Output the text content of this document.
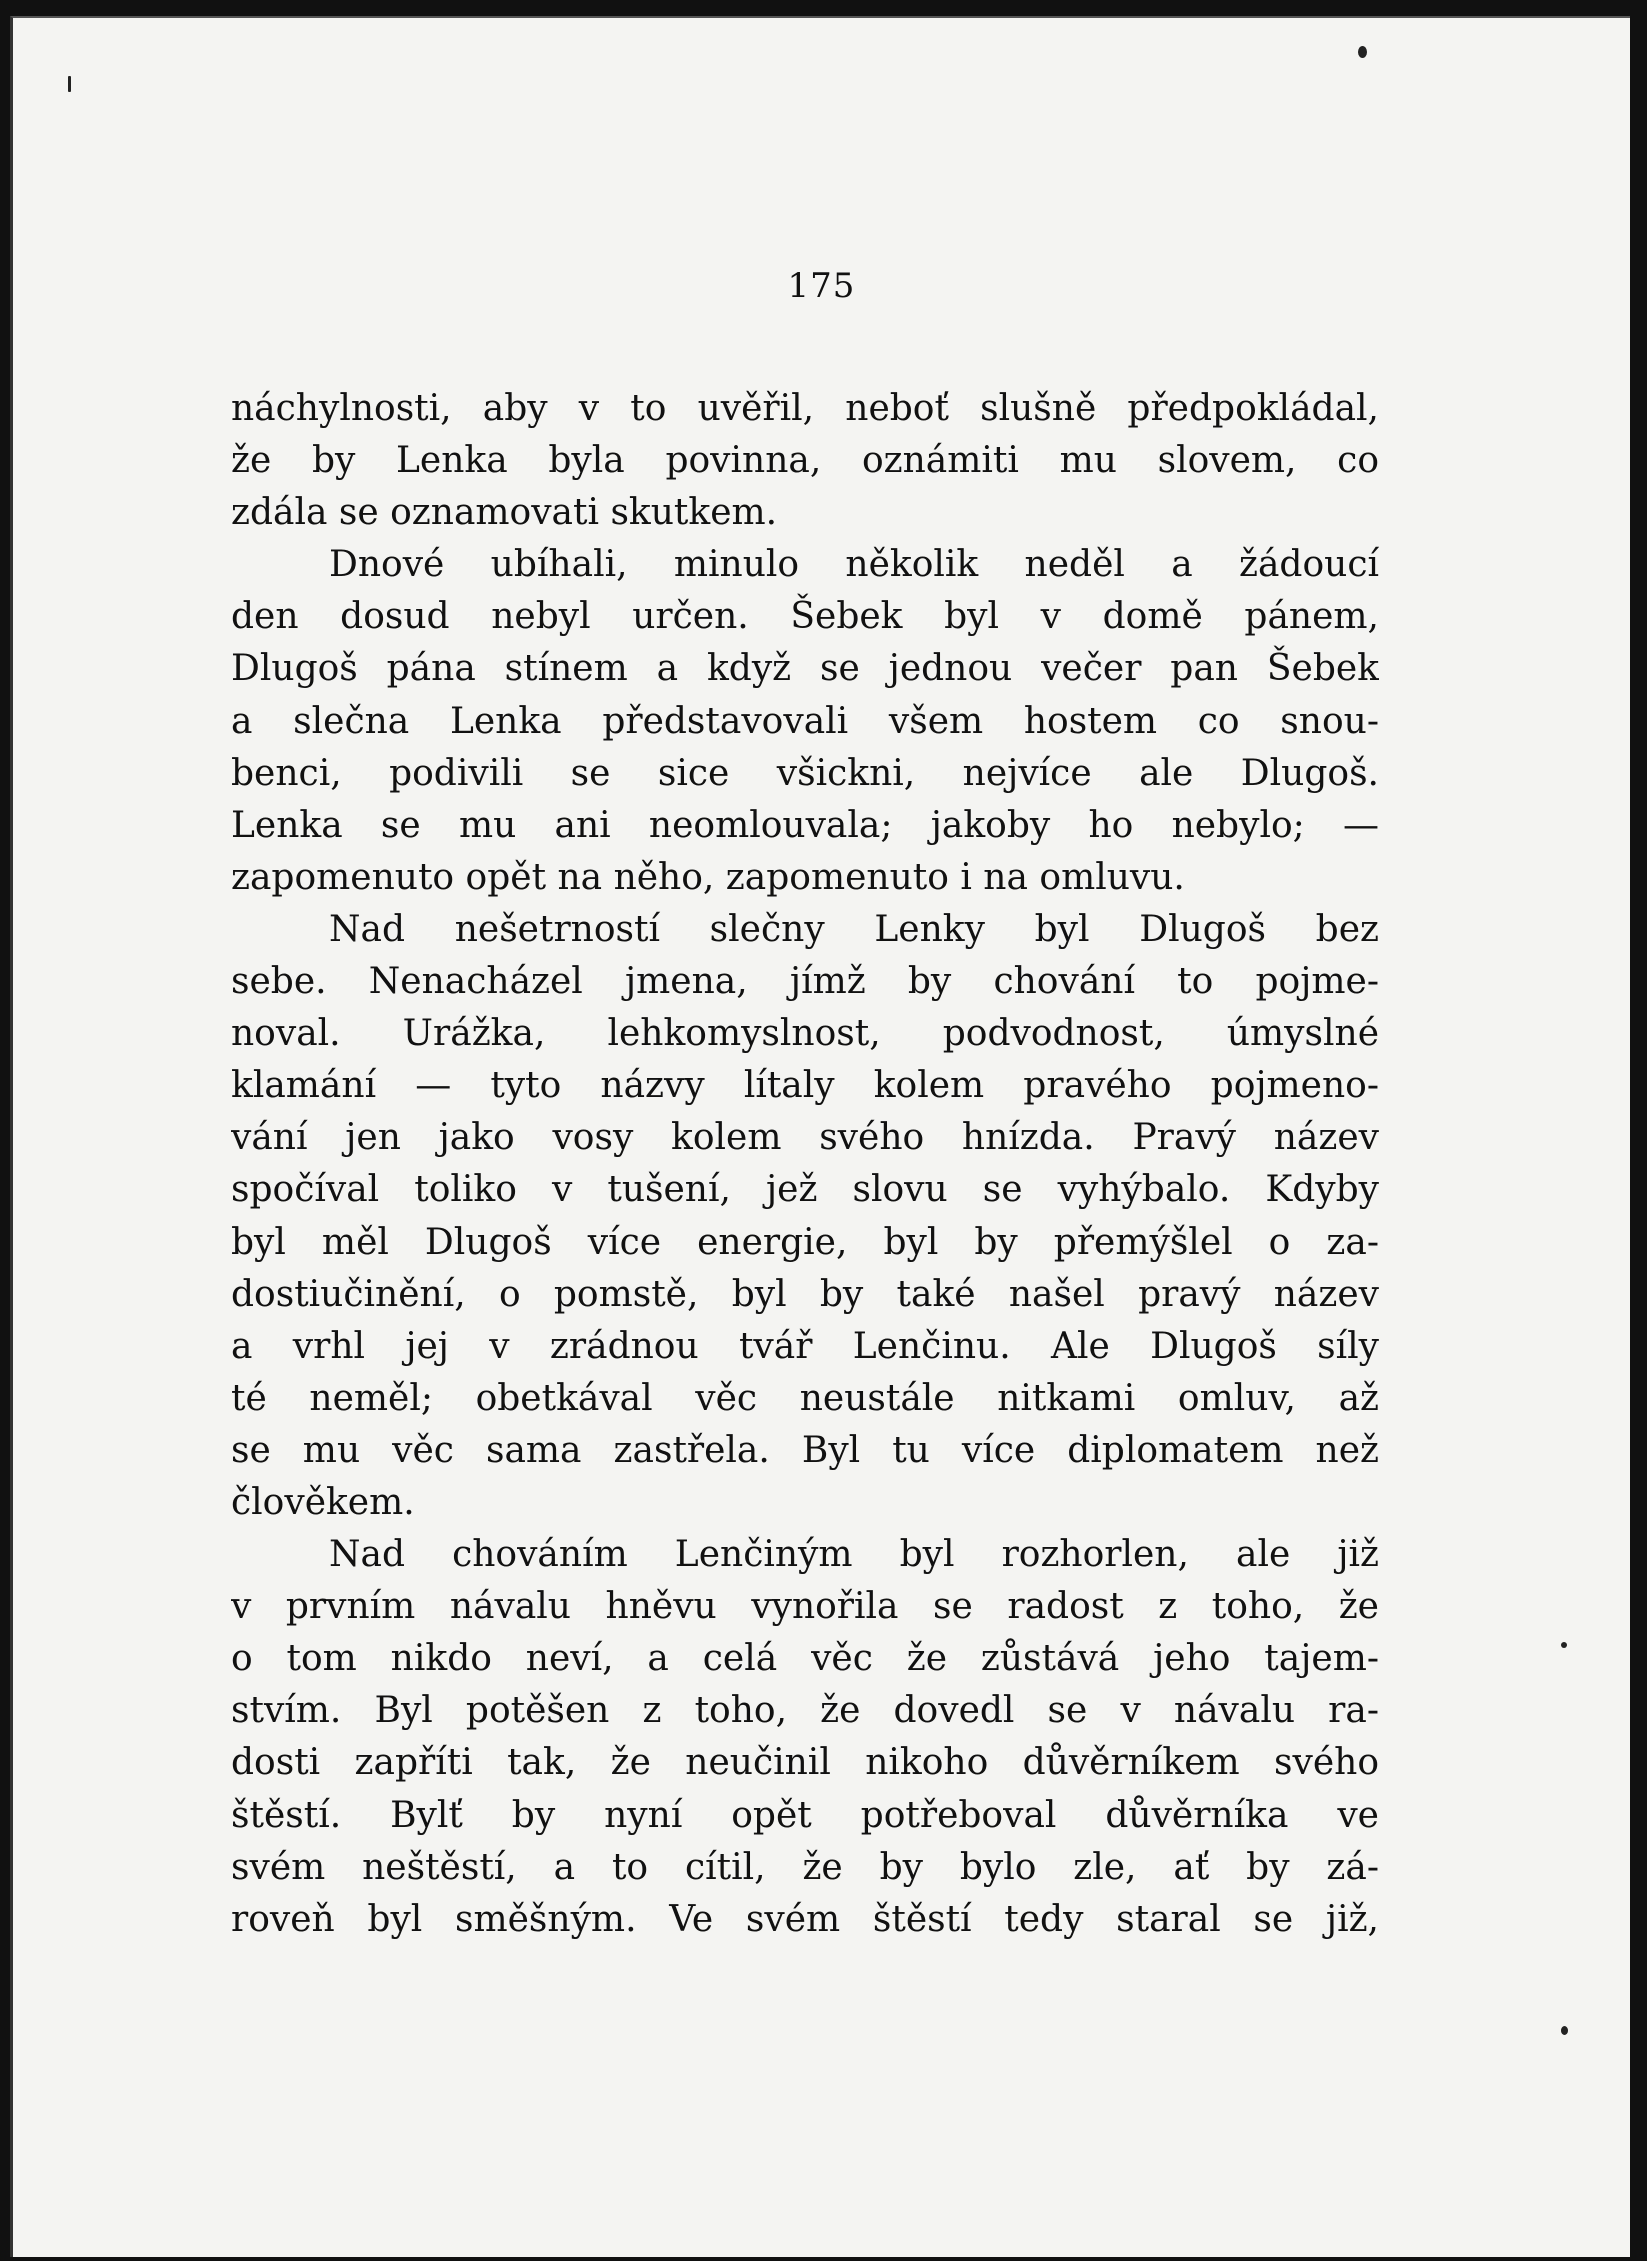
175
náchylnosti, aby v to uvěřil, neboť slušně předpokládal,
že by Lenka byla povinna, oznámiti mu slovem, co
zdála se oznamovati skutkem.
Dnové ubíhali, minulo několik neděl a žádoucí
den dosud nebyl určen. Šebek byl v domě pánem,
Dlugoš pána stínem a když se jednou večer pan Šebek
a slečna Lenka představovali všem hostem co snou-
benci, podivili se sice všickni, nejvíce ale Dlugoš.
Lenka se mu ani neomlouvala; jakoby ho nebylo; —
zapomenuto opět na něho, zapomenuto i na omluvu.
Nad nešetrností slečny Lenky byl Dlugoš bez
sebe. Nenacházel jmena, jímž by chování to pojme-
noval. Urážka, lehkomyslnost, podvodnost, úmyslné
klamání — tyto názvy lítaly kolem pravého pojmeno-
vání jen jako vosy kolem svého hnízda. Pravý název
spočíval toliko v tušení, jež slovu se vyhýbalo. Kdyby
byl měl Dlugoš více energie, byl by přemýšlel o za-
dostiučinění, o pomstě, byl by také našel pravý název
a vrhl jej v zrádnou tvář Lenčinu. Ale Dlugoš síly
té neměl; obetkával věc neustále nitkami omluv, až
se mu věc sama zastřela. Byl tu více diplomatem než
člověkem.
Nad chováním Lenčiným byl rozhorlen, ale již
v prvním návalu hněvu vynořila se radost z toho, že
o tom nikdo neví, a celá věc že zůstává jeho tajem-
stvím. Byl potěšen z toho, že dovedl se v návalu ra-
dosti zapříti tak, že neučinil nikoho důvěrníkem svého
štěstí. Bylť by nyní opět potřeboval důvěrníka ve
svém neštěstí, a to cítil, že by bylo zle, ať by zá-
roveň byl směšným. Ve svém štěstí tedy staral se již,
